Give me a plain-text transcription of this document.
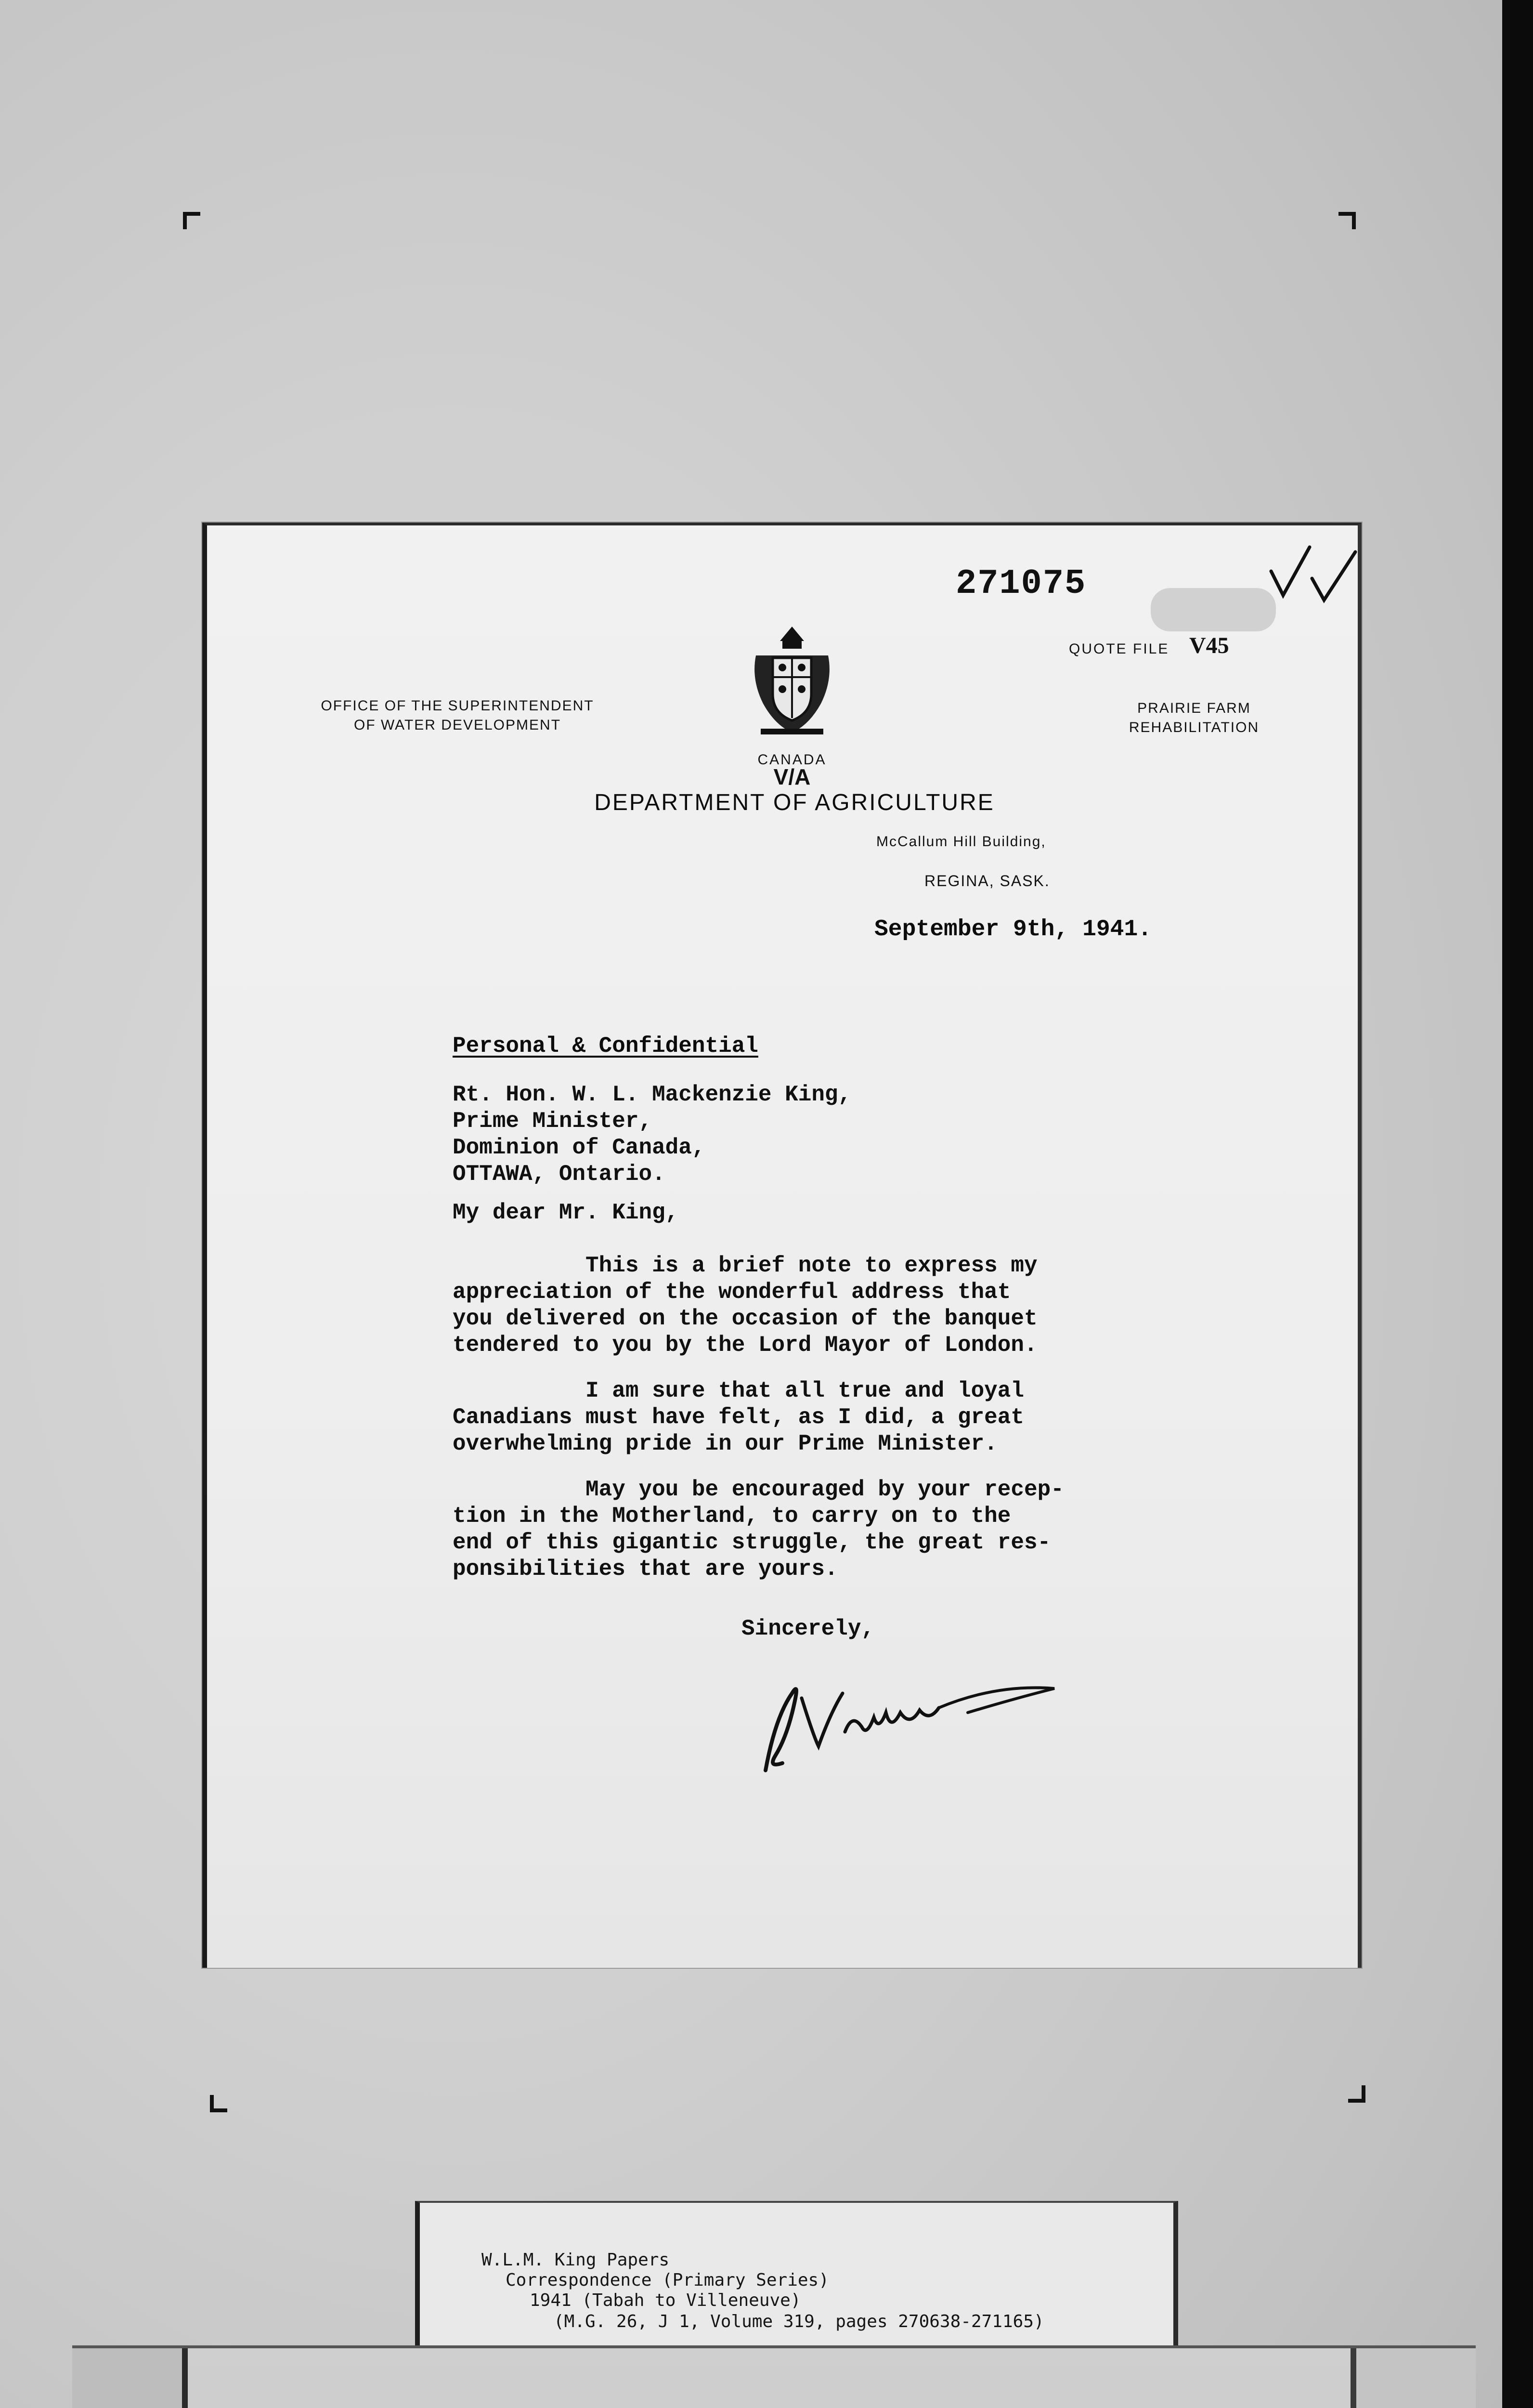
271075
QUOTE FILE V45
OFFICE OF THE SUPERINTENDENT
OF WATER DEVELOPMENT
PRAIRIE FARM
REHABILITATION
CANADA
V/A
DEPARTMENT OF AGRICULTURE
McCallum Hill Building,
REGINA, SASK.
September 9th, 1941.
Personal & Confidential
Rt. Hon. W. L. Mackenzie King,
Prime Minister,
Dominion of Canada,
OTTAWA, Ontario.
My dear Mr. King,
This is a brief note to express my
appreciation of the wonderful address that
you delivered on the occasion of the banquet
tendered to you by the Lord Mayor of London.
I am sure that all true and loyal
Canadians must have felt, as I did, a great
overwhelming pride in our Prime Minister.
May you be encouraged by your recep-
tion in the Motherland, to carry on to the
end of this gigantic struggle, the great res-
ponsibilities that are yours.
Sincerely,
W.L.M. King Papers
Correspondence (Primary Series)
1941 (Tabah to Villeneuve)
(M.G. 26, J 1, Volume 319, pages 270638-271165)
